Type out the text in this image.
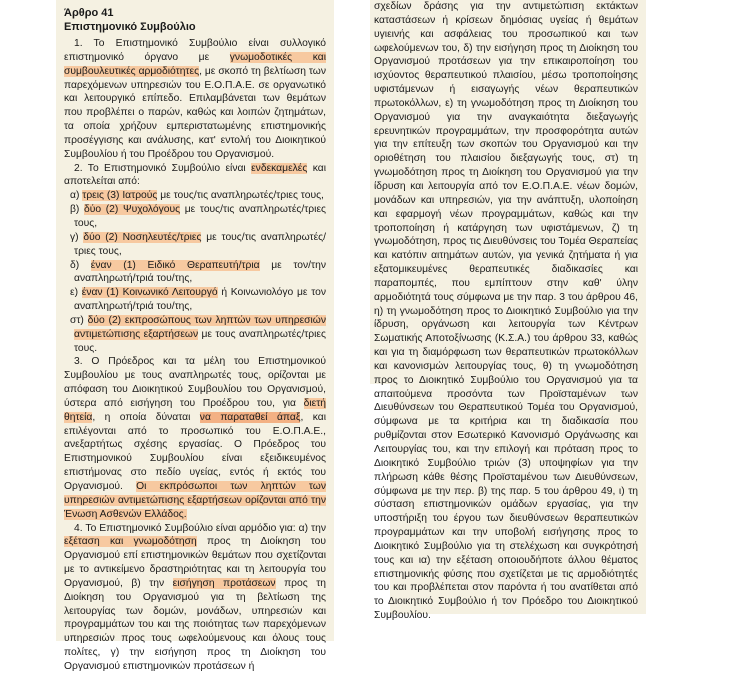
Άρθρο 41
Επιστημονικό Συμβούλιο

1. Το Επιστημονικό Συμβούλιο είναι συλλογικό επιστημονικό όργανο με γνωμοδοτικές και συμβουλευτικές αρμοδιότητες, με σκοπό τη βελτίωση των παρεχόμενων υπηρεσιών του Ε.Ο.Π.Α.Ε. σε οργανωτικό και λειτουργικό επίπεδο. Επιλαμβάνεται των θεμάτων που προβλέπει ο παρών, καθώς και λοιπών ζητημάτων, τα οποία χρήζουν εμπεριστατωμένης επιστημονικής προσέγγισης και ανάλυσης, κατ' εντολή του Διοικητικού Συμβουλίου ή του Προέδρου του Οργανισμού.

2. Το Επιστημονικό Συμβούλιο είναι ενδεκαμελές και αποτελείται από:

α) τρεις (3) Ιατρούς με τους/τις αναπληρωτές/τριες τους,

β) δύο (2) Ψυχολόγους με τους/τις αναπληρωτές/τριες τους,

γ) δύο (2) Νοσηλευτές/τριες με τους/τις αναπληρωτές/τριες τους,

δ) έναν (1) Ειδικό Θεραπευτή/τρια με τον/την αναπληρωτή/τριά του/της,

ε) έναν (1) Κοινωνικό Λειτουργό ή Κοινωνιολόγο με τον αναπληρωτή/τριά του/της,

στ) δύο (2) εκπροσώπους των ληπτών των υπηρεσιών αντιμετώπισης εξαρτήσεων με τους αναπληρωτές/τριες τους.

3. Ο Πρόεδρος και τα μέλη του Επιστημονικού Συμβουλίου με τους αναπληρωτές τους, ορίζονται με απόφαση του Διοικητικού Συμβουλίου του Οργανισμού, ύστερα από εισήγηση του Προέδρου του, για διετή θητεία, η οποία δύναται να παραταθεί άπαξ, και επιλέγονται από το προσωπικό του Ε.Ο.Π.Α.Ε., ανεξαρτήτως σχέσης εργασίας. Ο Πρόεδρος του Επιστημονικού Συμβουλίου είναι εξειδικευμένος επιστήμονας στο πεδίο υγείας, εντός ή εκτός του Οργανισμού. Οι εκπρόσωποι των ληπτών των υπηρεσιών αντιμετώπισης εξαρτήσεων ορίζονται από την Ένωση Ασθενών Ελλάδος.

4. Το Επιστημονικό Συμβούλιο είναι αρμόδιο για: α) την εξέταση και γνωμοδότηση προς τη Διοίκηση του Οργανισμού επί επιστημονικών θεμάτων που σχετίζονται με το αντικείμενο δραστηριότητας και τη λειτουργία του Οργανισμού, β) την εισήγηση προτάσεων προς τη Διοίκηση του Οργανισμού για τη βελτίωση της λειτουργίας των δομών, μονάδων, υπηρεσιών και προγραμμάτων του και της ποιότητας των παρεχόμενων υπηρεσιών προς τους ωφελούμενους και όλους τους πολίτες, γ) την εισήγηση προς τη Διοίκηση του Οργανισμού επιστημονικών προτάσεων ή

σχεδίων δράσης για την αντιμετώπιση εκτάκτων καταστάσεων ή κρίσεων δημόσιας υγείας ή θεμάτων υγιεινής και ασφάλειας του προσωπικού και των ωφελούμενων του, δ) την εισήγηση προς τη Διοίκηση του Οργανισμού προτάσεων για την επικαιροποίηση του ισχύοντος θεραπευτικού πλαισίου, μέσω τροποποίησης υφιστάμενων ή εισαγωγής νέων θεραπευτικών πρωτοκόλλων, ε) τη γνωμοδότηση προς τη Διοίκηση του Οργανισμού για την αναγκαιότητα διεξαγωγής ερευνητικών προγραμμάτων, την προσφορότητα αυτών για την επίτευξη των σκοπών του Οργανισμού και την οριοθέτηση του πλαισίου διεξαγωγής τους, στ) τη γνωμοδότηση προς τη Διοίκηση του Οργανισμού για την ίδρυση και λειτουργία από τον Ε.Ο.Π.Α.Ε. νέων δομών, μονάδων και υπηρεσιών, για την ανάπτυξη, υλοποίηση και εφαρμογή νέων προγραμμάτων, καθώς και την τροποποίηση ή κατάργηση των υφιστάμενων, ζ) τη γνωμοδότηση, προς τις Διευθύνσεις του Τομέα Θεραπείας και κατόπιν αιτημάτων αυτών, για γενικά ζητήματα ή για εξατομικευμένες θεραπευτικές διαδικασίες και παραπομπές, που εμπίπτουν στην καθ' ύλην αρμοδιότητά τους σύμφωνα με την παρ. 3 του άρθρου 46, η) τη γνωμοδότηση προς το Διοικητικό Συμβούλιο για την ίδρυση, οργάνωση και λειτουργία των Κέντρων Σωματικής Αποτοξίνωσης (Κ.Σ.Α.) του άρθρου 33, καθώς και για τη διαμόρφωση των θεραπευτικών πρωτοκόλλων και κανονισμών λειτουργίας τους, θ) τη γνωμοδότηση προς το Διοικητικό Συμβούλιο του Οργανισμού για τα απαιτούμενα προσόντα των Προϊσταμένων των Διευθύνσεων του Θεραπευτικού Τομέα του Οργανισμού, σύμφωνα με τα κριτήρια και τη διαδικασία που ρυθμίζονται στον Εσωτερικό Κανονισμό Οργάνωσης και Λειτουργίας του, και την επιλογή και πρόταση προς το Διοικητικό Συμβούλιο τριών (3) υποψηφίων για την πλήρωση κάθε θέσης Προϊσταμένου των Διευθύνσεων, σύμφωνα με την περ. β) της παρ. 5 του άρθρου 49, ι) τη σύσταση επιστημονικών ομάδων εργασίας, για την υποστήριξη του έργου των διευθύνσεων θεραπευτικών προγραμμάτων και την υποβολή εισήγησης προς το Διοικητικό Συμβούλιο για τη στελέχωση και συγκρότησή τους και ια) την εξέταση οποιουδήποτε άλλου θέματος επιστημονικής φύσης που σχετίζεται με τις αρμοδιότητές του και προβλέπεται στον παρόντα ή του ανατίθεται από το Διοικητικό Συμβούλιο ή τον Πρόεδρο του Διοικητικού Συμβουλίου.
